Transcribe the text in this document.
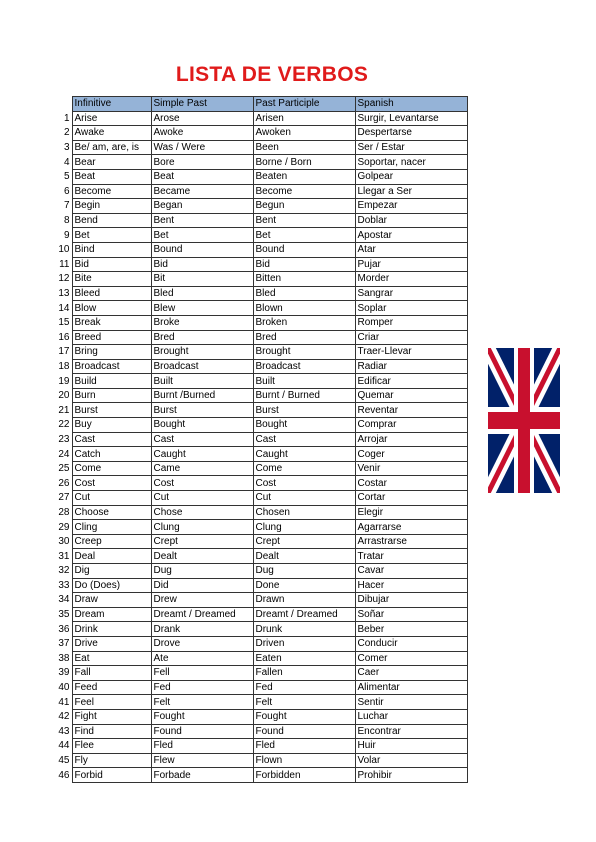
LISTA DE VERBOS
	Infinitive	Simple Past	Past Participle	Spanish
1	Arise	Arose	Arisen	Surgir, Levantarse
2	Awake	Awoke	Awoken	Despertarse
3	Be/ am, are, is	Was / Were	Been	Ser / Estar
4	Bear	Bore	Borne / Born	Soportar, nacer
5	Beat	Beat	Beaten	Golpear
6	Become	Became	Become	Llegar a Ser
7	Begin	Began	Begun	Empezar
8	Bend	Bent	Bent	Doblar
9	Bet	Bet	Bet	Apostar
10	Bind	Bound	Bound	Atar
11	Bid	Bid	Bid	Pujar
12	Bite	Bit	Bitten	Morder
13	Bleed	Bled	Bled	Sangrar
14	Blow	Blew	Blown	Soplar
15	Break	Broke	Broken	Romper
16	Breed	Bred	Bred	Criar
17	Bring	Brought	Brought	Traer-Llevar
18	Broadcast	Broadcast	Broadcast	Radiar
19	Build	Built	Built	Edificar
20	Burn	Burnt /Burned	Burnt / Burned	Quemar
21	Burst	Burst	Burst	Reventar
22	Buy	Bought	Bought	Comprar
23	Cast	Cast	Cast	Arrojar
24	Catch	Caught	Caught	Coger
25	Come	Came	Come	Venir
26	Cost	Cost	Cost	Costar
27	Cut	Cut	Cut	Cortar
28	Choose	Chose	Chosen	Elegir
29	Cling	Clung	Clung	Agarrarse
30	Creep	Crept	Crept	Arrastrarse
31	Deal	Dealt	Dealt	Tratar
32	Dig	Dug	Dug	Cavar
33	Do (Does)	Did	Done	Hacer
34	Draw	Drew	Drawn	Dibujar
35	Dream	Dreamt / Dreamed	Dreamt / Dreamed	Soñar
36	Drink	Drank	Drunk	Beber
37	Drive	Drove	Driven	Conducir
38	Eat	Ate	Eaten	Comer
39	Fall	Fell	Fallen	Caer
40	Feed	Fed	Fed	Alimentar
41	Feel	Felt	Felt	Sentir
42	Fight	Fought	Fought	Luchar
43	Find	Found	Found	Encontrar
44	Flee	Fled	Fled	Huir
45	Fly	Flew	Flown	Volar
46	Forbid	Forbade	Forbidden	Prohibir
